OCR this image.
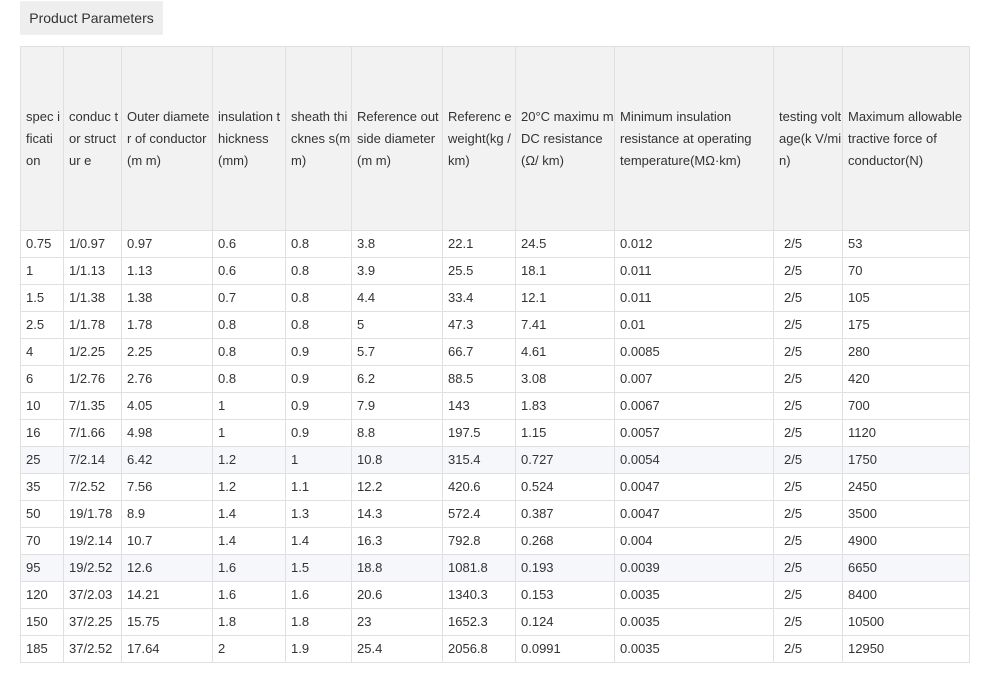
Product Parameters
spec ificati on	conduc tor structur e	Outer diameter of conductor(m m)	insulation thickness (mm)	sheath thicknes s(mm)	Reference outside diameter(m m)	Referenc e weight(kg /km)	20°C maximu m DC resistance(Ω/ km)	Minimum insulation resistance at operating temperature(MΩ·km)	testing voltage(k V/min)	Maximum allowable tractive force of conductor(N)
0.75	1/0.97	0.97	0.6	0.8	3.8	22.1	24.5	0.012	2/5	53
1	1/1.13	1.13	0.6	0.8	3.9	25.5	18.1	0.011	2/5	70
1.5	1/1.38	1.38	0.7	0.8	4.4	33.4	12.1	0.011	2/5	105
2.5	1/1.78	1.78	0.8	0.8	5	47.3	7.41	0.01	2/5	175
4	1/2.25	2.25	0.8	0.9	5.7	66.7	4.61	0.0085	2/5	280
6	1/2.76	2.76	0.8	0.9	6.2	88.5	3.08	0.007	2/5	420
10	7/1.35	4.05	1	0.9	7.9	143	1.83	0.0067	2/5	700
16	7/1.66	4.98	1	0.9	8.8	197.5	1.15	0.0057	2/5	1120
25	7/2.14	6.42	1.2	1	10.8	315.4	0.727	0.0054	2/5	1750
35	7/2.52	7.56	1.2	1.1	12.2	420.6	0.524	0.0047	2/5	2450
50	19/1.78	8.9	1.4	1.3	14.3	572.4	0.387	0.0047	2/5	3500
70	19/2.14	10.7	1.4	1.4	16.3	792.8	0.268	0.004	2/5	4900
95	19/2.52	12.6	1.6	1.5	18.8	1081.8	0.193	0.0039	2/5	6650
120	37/2.03	14.21	1.6	1.6	20.6	1340.3	0.153	0.0035	2/5	8400
150	37/2.25	15.75	1.8	1.8	23	1652.3	0.124	0.0035	2/5	10500
185	37/2.52	17.64	2	1.9	25.4	2056.8	0.0991	0.0035	2/5	12950
